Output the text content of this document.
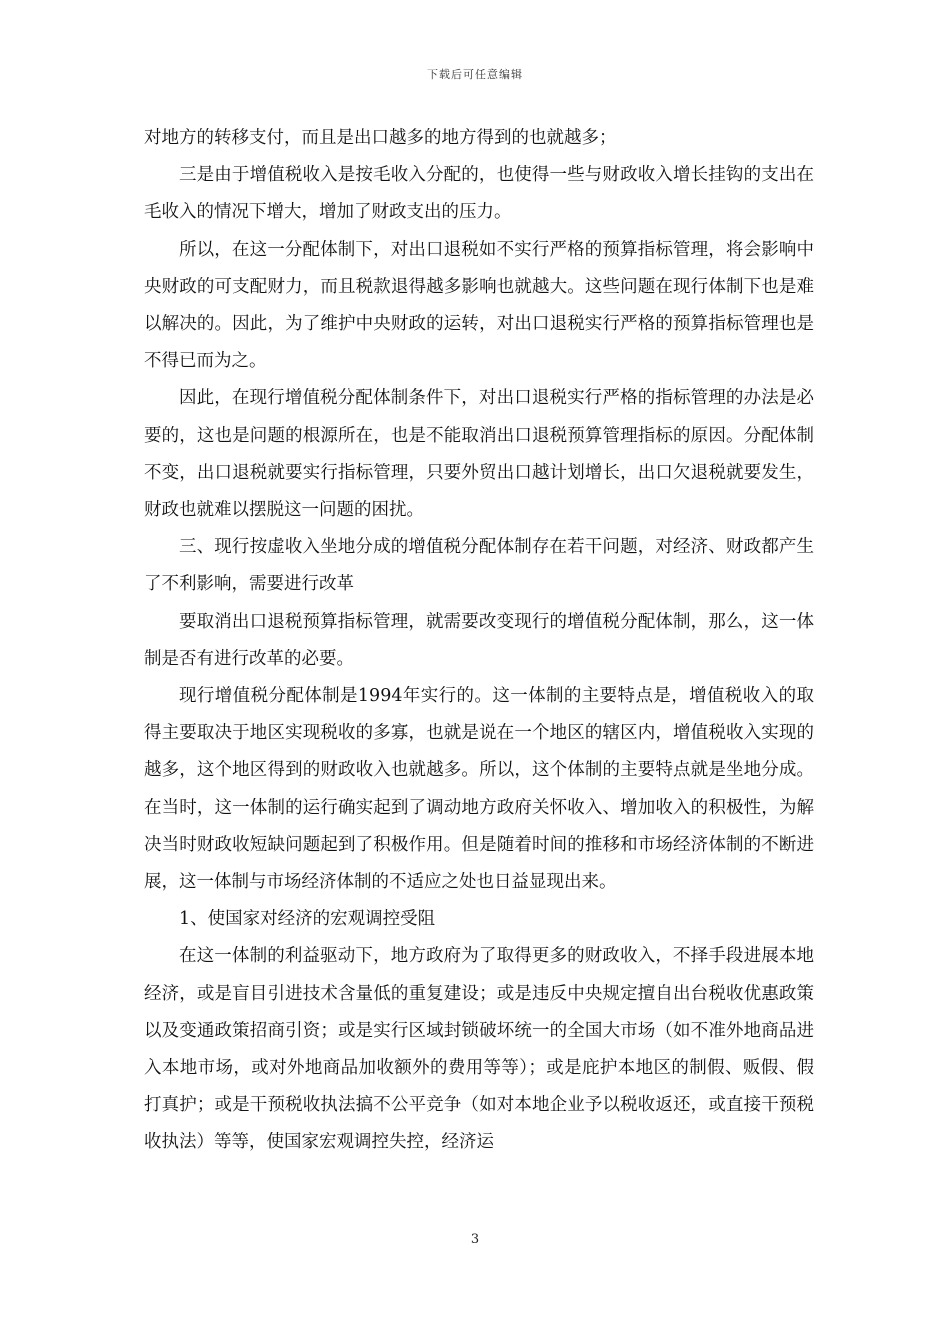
下载后可任意编辑

对地方的转移支付，而且是出口越多的地方得到的也就越多；

三是由于增值税收入是按毛收入分配的，也使得一些与财政收入增长挂钩的支出在毛收入的情况下增大，增加了财政支出的压力。

所以，在这一分配体制下，对出口退税如不实行严格的预算指标管理，将会影响中央财政的可支配财力，而且税款退得越多影响也就越大。这些问题在现行体制下也是难以解决的。因此，为了维护中央财政的运转，对出口退税实行严格的预算指标管理也是不得已而为之。

因此，在现行增值税分配体制条件下，对出口退税实行严格的指标管理的办法是必要的，这也是问题的根源所在，也是不能取消出口退税预算管理指标的原因。分配体制不变，出口退税就要实行指标管理，只要外贸出口越计划增长，出口欠退税就要发生，财政也就难以摆脱这一问题的困扰。

三、现行按虚收入坐地分成的增值税分配体制存在若干问题，对经济、财政都产生了不利影响，需要进行改革

要取消出口退税预算指标管理，就需要改变现行的增值税分配体制，那么，这一体制是否有进行改革的必要。

现行增值税分配体制是1994年实行的。这一体制的主要特点是，增值税收入的取得主要取决于地区实现税收的多寡，也就是说在一个地区的辖区内，增值税收入实现的越多，这个地区得到的财政收入也就越多。所以，这个体制的主要特点就是坐地分成。在当时，这一体制的运行确实起到了调动地方政府关怀收入、增加收入的积极性，为解决当时财政收短缺问题起到了积极作用。但是随着时间的推移和市场经济体制的不断进展，这一体制与市场经济体制的不适应之处也日益显现出来。

1、使国家对经济的宏观调控受阻

在这一体制的利益驱动下，地方政府为了取得更多的财政收入，不择手段进展本地经济，或是盲目引进技术含量低的重复建设；或是违反中央规定擅自出台税收优惠政策以及变通政策招商引资；或是实行区域封锁破坏统一的全国大市场（如不准外地商品进入本地市场，或对外地商品加收额外的费用等等）；或是庇护本地区的制假、贩假、假打真护；或是干预税收执法搞不公平竞争（如对本地企业予以税收返还，或直接干预税收执法）等等，使国家宏观调控失控，经济运

3
